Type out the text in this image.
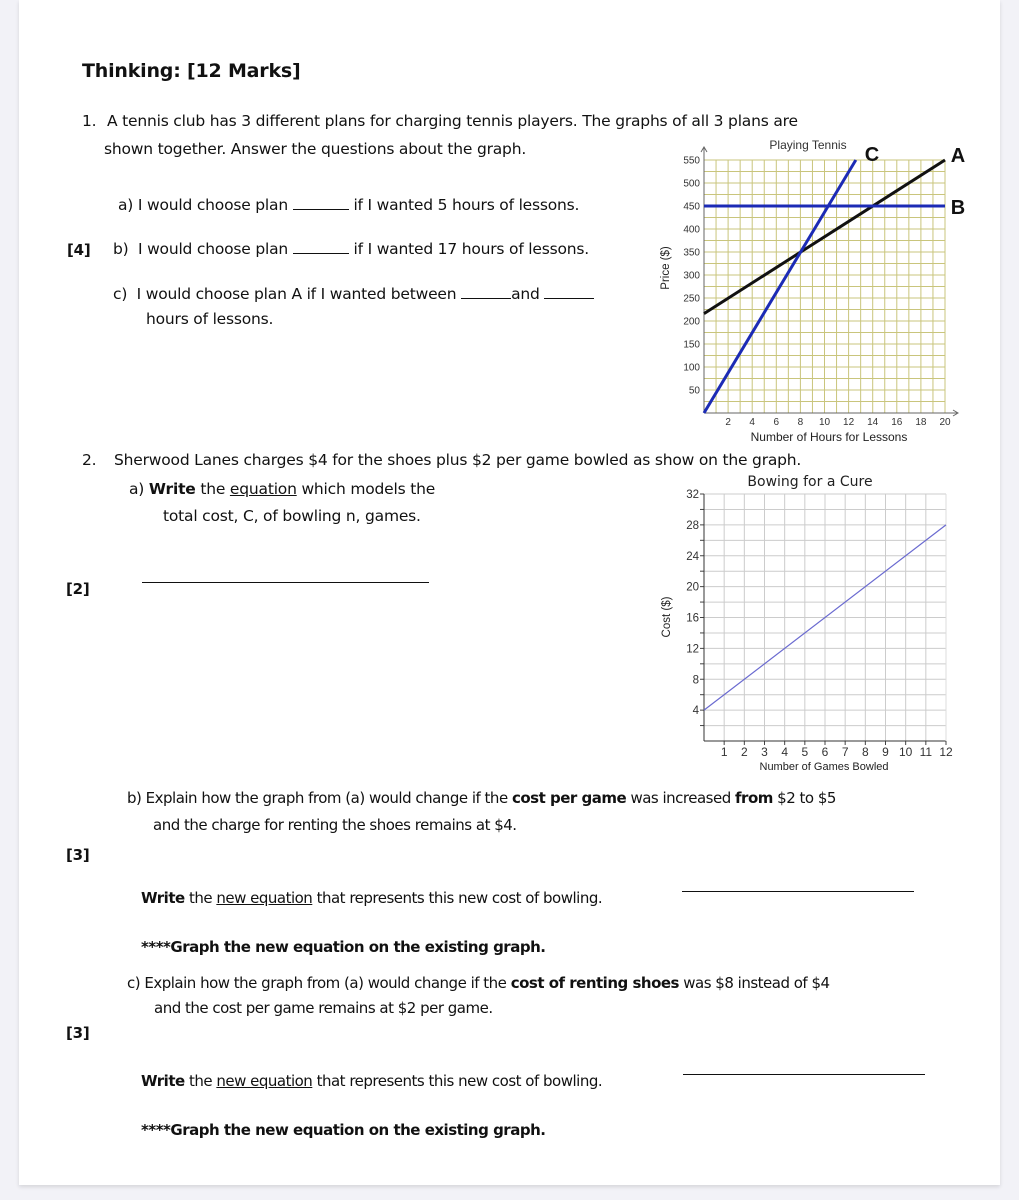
Thinking: [12 Marks]
1. A tennis club has 3 different plans for charging tennis players. The graphs of all 3 plans are
shown together. Answer the questions about the graph.
a) I would choose plan	if I wanted 5 hours of lessons.
[4] b) I would choose plan	if I wanted 17 hours of lessons.
c) I would choose plan A if I wanted between	and
hours of lessons.
2. Sherwood Lanes charges $4 for the shoes plus $2 per game bowled as show on the graph.
a) Write the equation which models the
total cost, C, of bowling n, games.
[2]
b) Explain how the graph from (a) would change if the cost per game was increased from $2 to $5
and the charge for renting the shoes remains at $4.
[3]
Write the new equation that represents this new cost of bowling.
****Graph the new equation on the existing graph.
c) Explain how the graph from (a) would change if the cost of renting shoes was $8 instead of $4
and the cost per game remains at $2 per game.
[3]
Write the new equation that represents this new cost of bowling.
****Graph the new equation on the existing graph.
2 4 6 8 10 12 14 16 18 20
50
100
150
200
250
300
350
400
450
500
550
Playing Tennis
Number of Hours for Lessons
Price ($)
C	A
B
1 2 3 4 5 6 7 8 9 10 11 12
4
8
12
16
20
24
28
32
Bowing for a Cure
Number of Games Bowled
Cost ($)
